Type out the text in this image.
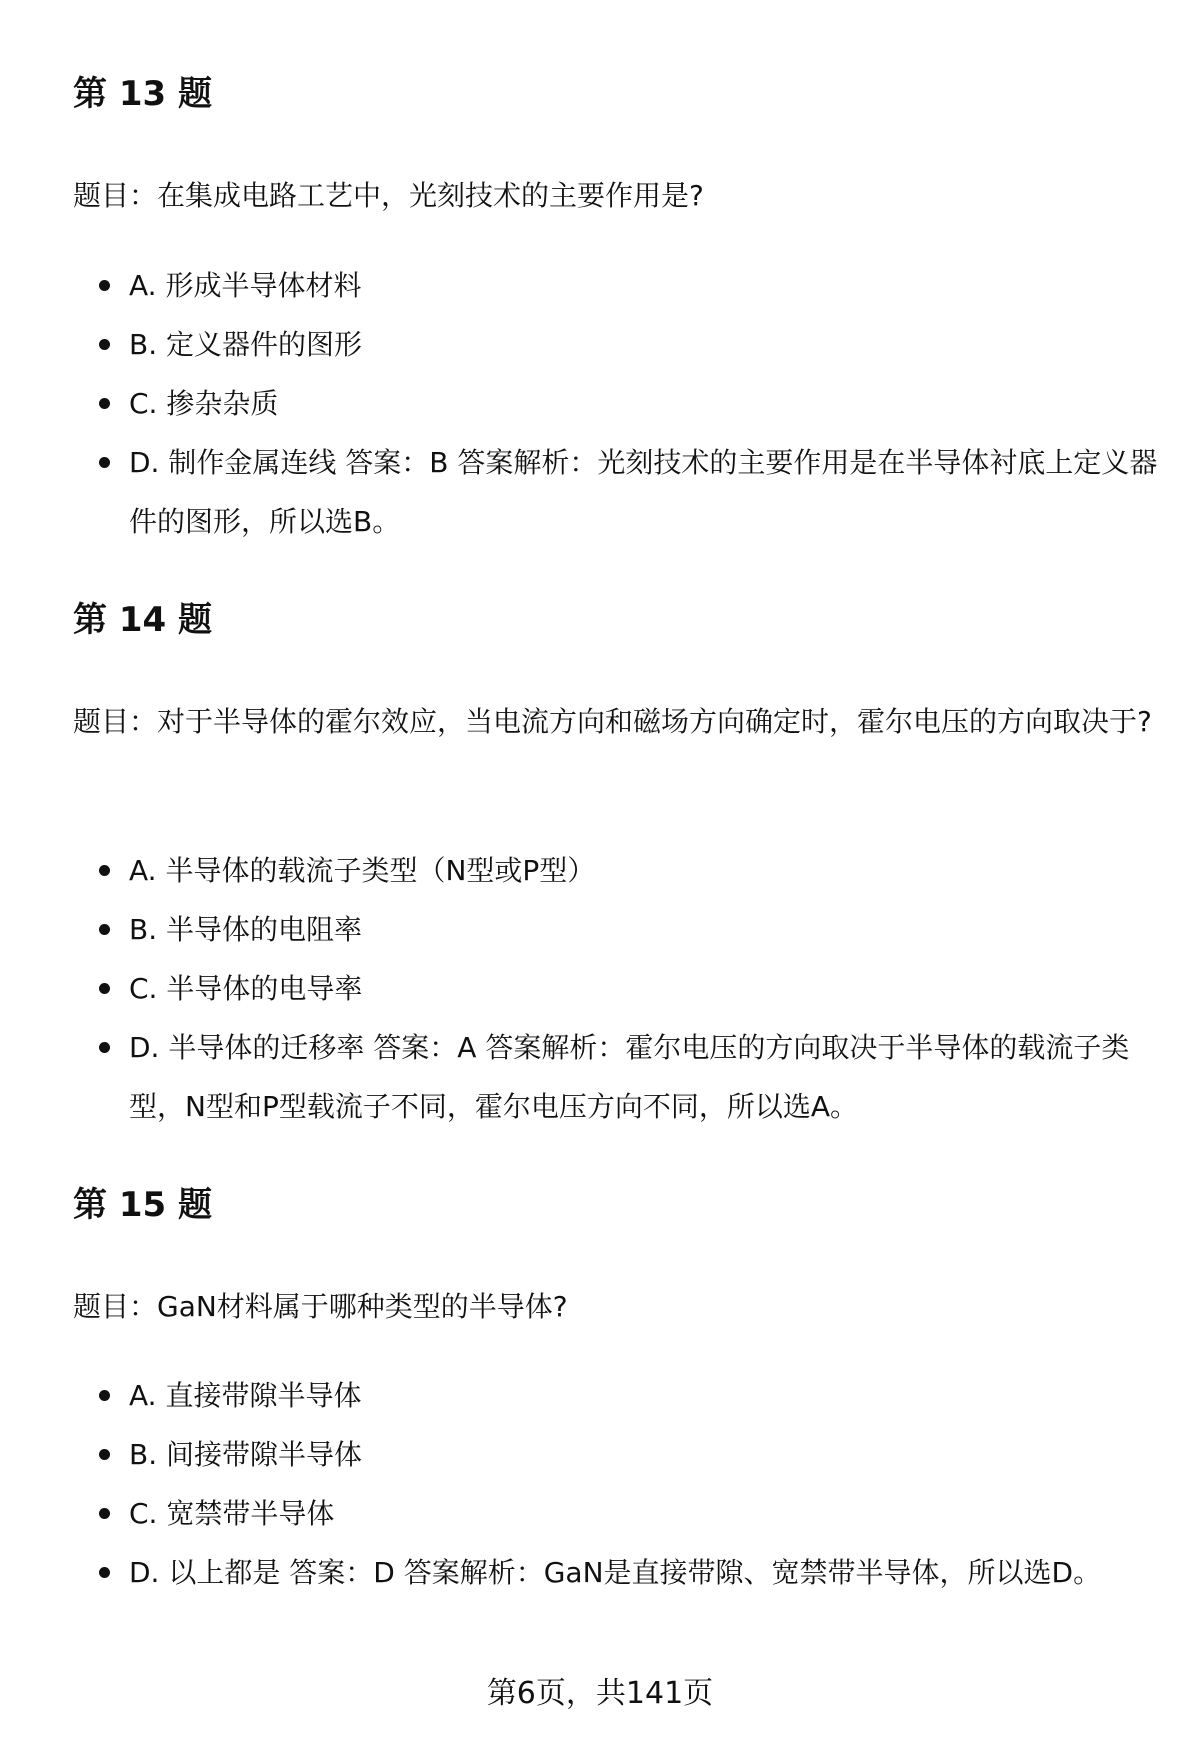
第 13 题

题目：在集成电路工艺中，光刻技术的主要作用是?

A. 形成半导体材料
B. 定义器件的图形
C. 掺杂杂质
D. 制作金属连线 答案：B 答案解析：光刻技术的主要作用是在半导体衬底上定义器件的图形，所以选B。
第 14 题

题目：对于半导体的霍尔效应，当电流方向和磁场方向确定时，霍尔电压的方向取决于?

A. 半导体的载流子类型（N型或P型）
B. 半导体的电阻率
C. 半导体的电导率
D. 半导体的迁移率 答案：A 答案解析：霍尔电压的方向取决于半导体的载流子类型，N型和P型载流子不同，霍尔电压方向不同，所以选A。
第 15 题

题目：GaN材料属于哪种类型的半导体?

A. 直接带隙半导体
B. 间接带隙半导体
C. 宽禁带半导体
D. 以上都是 答案：D 答案解析：GaN是直接带隙、宽禁带半导体，所以选D。
第6页，共141页
